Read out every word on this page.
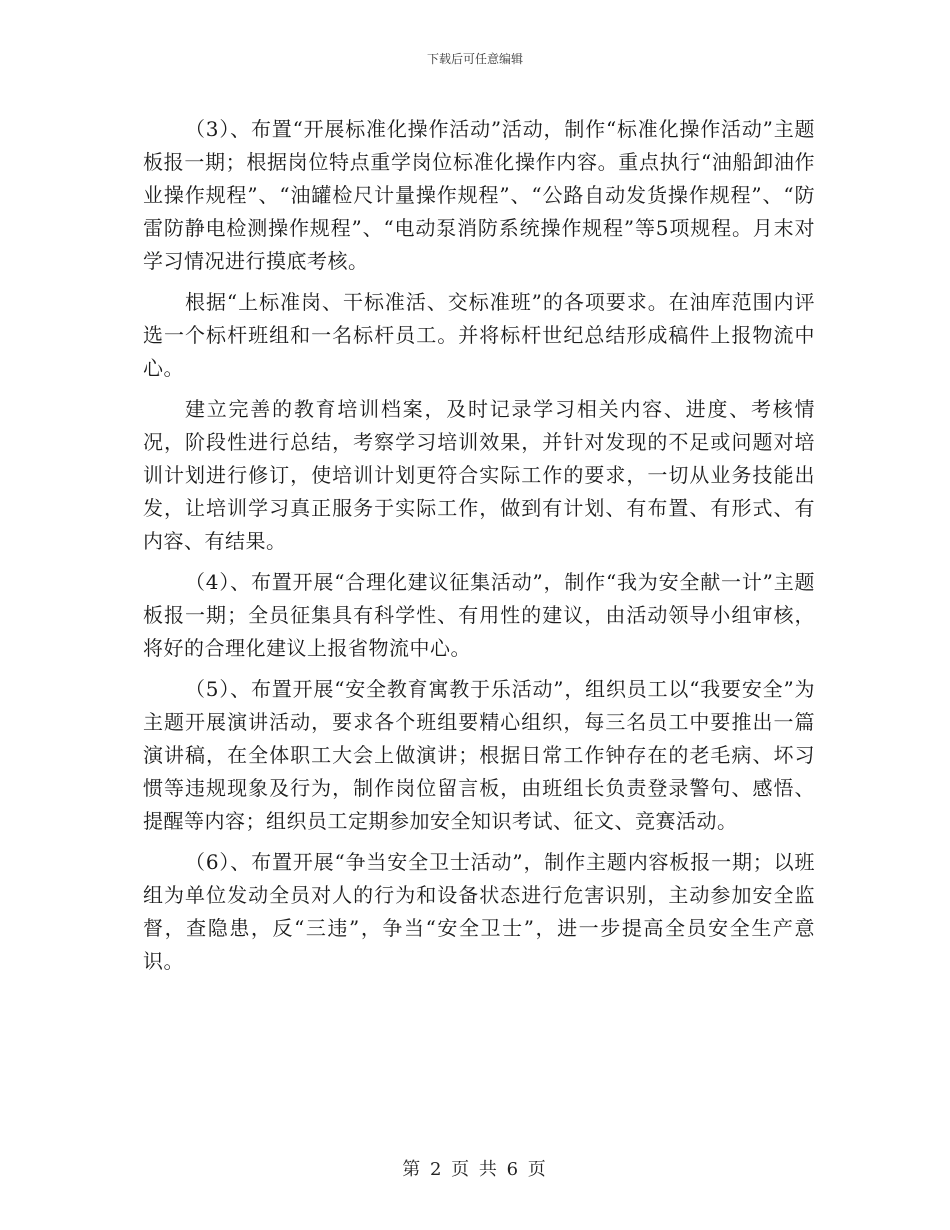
下载后可任意编辑

（3）、布置“开展标准化操作活动”活动，制作“标准化操作活动”主题板报一期；根据岗位特点重学岗位标准化操作内容。重点执行“油船卸油作业操作规程”、“油罐检尺计量操作规程”、“公路自动发货操作规程”、“防雷防静电检测操作规程”、“电动泵消防系统操作规程”等5项规程。月末对学习情况进行摸底考核。

根据“上标准岗、干标准活、交标准班”的各项要求。在油库范围内评选一个标杆班组和一名标杆员工。并将标杆世纪总结形成稿件上报物流中心。

建立完善的教育培训档案，及时记录学习相关内容、进度、考核情况，阶段性进行总结，考察学习培训效果，并针对发现的不足或问题对培训计划进行修订，使培训计划更符合实际工作的要求，一切从业务技能出发，让培训学习真正服务于实际工作，做到有计划、有布置、有形式、有内容、有结果。

（4）、布置开展“合理化建议征集活动”，制作“我为安全献一计”主题板报一期；全员征集具有科学性、有用性的建议，由活动领导小组审核，将好的合理化建议上报省物流中心。

（5）、布置开展“安全教育寓教于乐活动”，组织员工以“我要安全”为主题开展演讲活动，要求各个班组要精心组织，每三名员工中要推出一篇演讲稿，在全体职工大会上做演讲；根据日常工作钟存在的老毛病、坏习惯等违规现象及行为，制作岗位留言板，由班组长负责登录警句、感悟、提醒等内容；组织员工定期参加安全知识考试、征文、竞赛活动。

（6）、布置开展“争当安全卫士活动”，制作主题内容板报一期；以班组为单位发动全员对人的行为和设备状态进行危害识别，主动参加安全监督，查隐患，反“三违”，争当“安全卫士”，进一步提高全员安全生产意识。

第 2 页 共 6 页
